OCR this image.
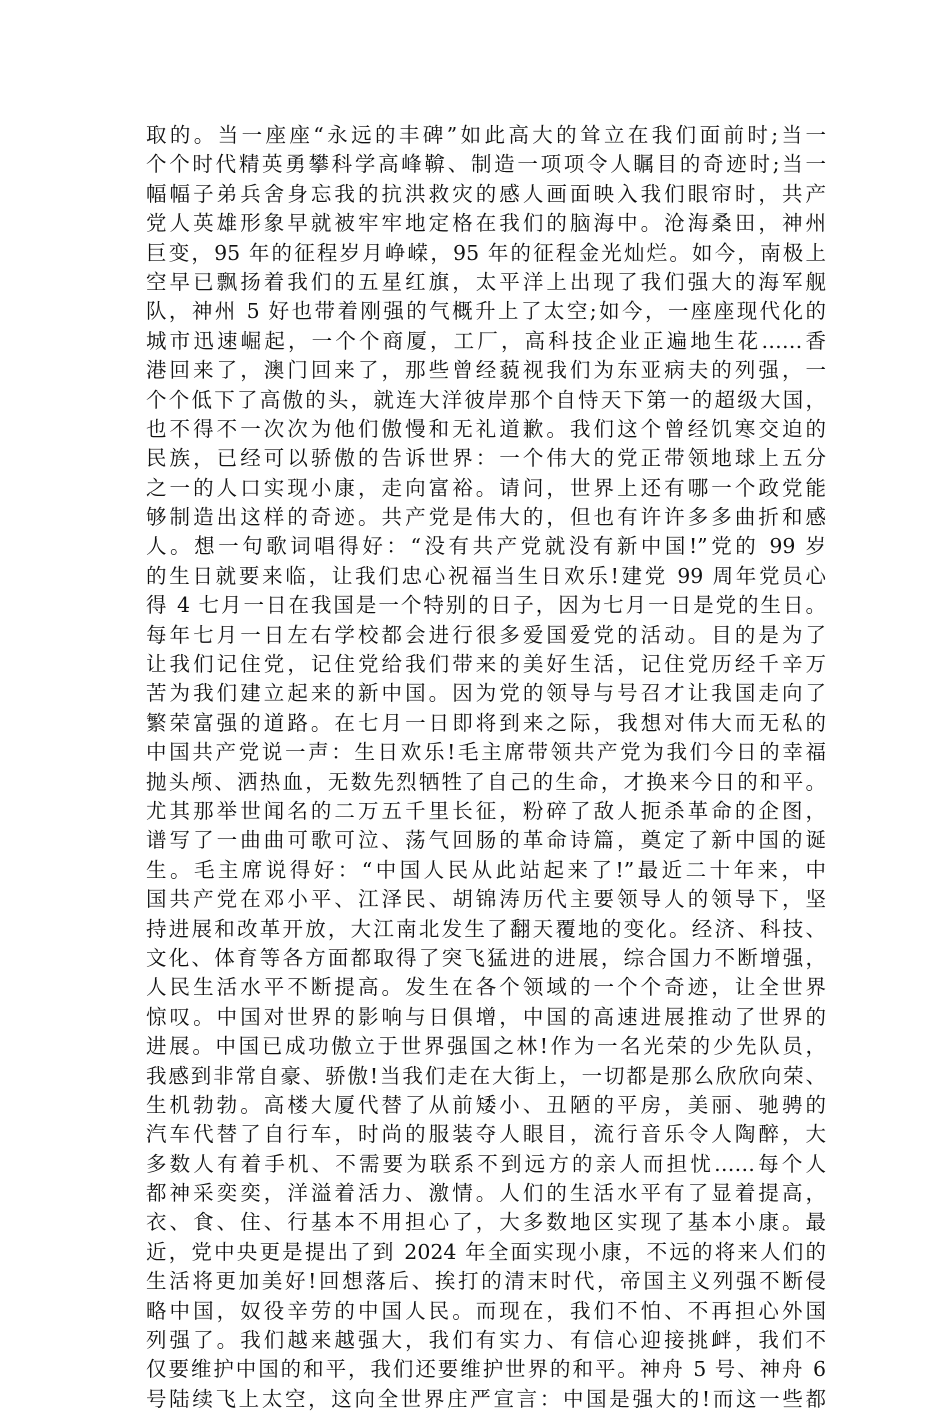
取的。当一座座“永远的丰碑”如此高大的耸立在我们面前时;当一
个个时代精英勇攀科学高峰鞥、制造一项项令人瞩目的奇迹时;当一
幅幅子弟兵舍身忘我的抗洪救灾的感人画面映入我们眼帘时，共产
党人英雄形象早就被牢牢地定格在我们的脑海中。沧海桑田，神州
巨变，95 年的征程岁月峥嵘，95 年的征程金光灿烂。如今，南极上
空早已飘扬着我们的五星红旗，太平洋上出现了我们强大的海军舰
队，神州 5 好也带着刚强的气概升上了太空;如今，一座座现代化的
城市迅速崛起，一个个商厦，工厂，高科技企业正遍地生花……香
港回来了，澳门回来了，那些曾经藐视我们为东亚病夫的列强，一
个个低下了高傲的头，就连大洋彼岸那个自恃天下第一的超级大国，
也不得不一次次为他们傲慢和无礼道歉。我们这个曾经饥寒交迫的
民族，已经可以骄傲的告诉世界：一个伟大的党正带领地球上五分
之一的人口实现小康，走向富裕。请问，世界上还有哪一个政党能
够制造出这样的奇迹。共产党是伟大的，但也有许许多多曲折和感
人。想一句歌词唱得好：“没有共产党就没有新中国!”党的 99 岁
的生日就要来临，让我们忠心祝福当生日欢乐!建党 99 周年党员心
得 4 七月一日在我国是一个特别的日子，因为七月一日是党的生日。
每年七月一日左右学校都会进行很多爱国爱党的活动。目的是为了
让我们记住党，记住党给我们带来的美好生活，记住党历经千辛万
苦为我们建立起来的新中国。因为党的领导与号召才让我国走向了
繁荣富强的道路。在七月一日即将到来之际，我想对伟大而无私的
中国共产党说一声：生日欢乐!毛主席带领共产党为我们今日的幸福
抛头颅、洒热血，无数先烈牺牲了自己的生命，才换来今日的和平。
尤其那举世闻名的二万五千里长征，粉碎了敌人扼杀革命的企图，
谱写了一曲曲可歌可泣、荡气回肠的革命诗篇，奠定了新中国的诞
生。毛主席说得好：“中国人民从此站起来了!”最近二十年来，中
国共产党在邓小平、江泽民、胡锦涛历代主要领导人的领导下，坚
持进展和改革开放，大江南北发生了翻天覆地的变化。经济、科技、
文化、体育等各方面都取得了突飞猛进的进展，综合国力不断增强，
人民生活水平不断提高。发生在各个领域的一个个奇迹，让全世界
惊叹。中国对世界的影响与日俱增，中国的高速进展推动了世界的
进展。中国已成功傲立于世界强国之林!作为一名光荣的少先队员，
我感到非常自豪、骄傲!当我们走在大街上，一切都是那么欣欣向荣、
生机勃勃。高楼大厦代替了从前矮小、丑陋的平房，美丽、驰骋的
汽车代替了自行车，时尚的服装夺人眼目，流行音乐令人陶醉，大
多数人有着手机、不需要为联系不到远方的亲人而担忧……每个人
都神采奕奕，洋溢着活力、激情。人们的生活水平有了显着提高，
衣、食、住、行基本不用担心了，大多数地区实现了基本小康。最
近，党中央更是提出了到 2024 年全面实现小康，不远的将来人们的
生活将更加美好!回想落后、挨打的清末时代，帝国主义列强不断侵
略中国，奴役辛劳的中国人民。而现在，我们不怕、不再担心外国
列强了。我们越来越强大，我们有实力、有信心迎接挑衅，我们不
仅要维护中国的和平，我们还要维护世界的和平。神舟 5 号、神舟 6
号陆续飞上太空，这向全世界庄严宣言：中国是强大的!而这一些都
